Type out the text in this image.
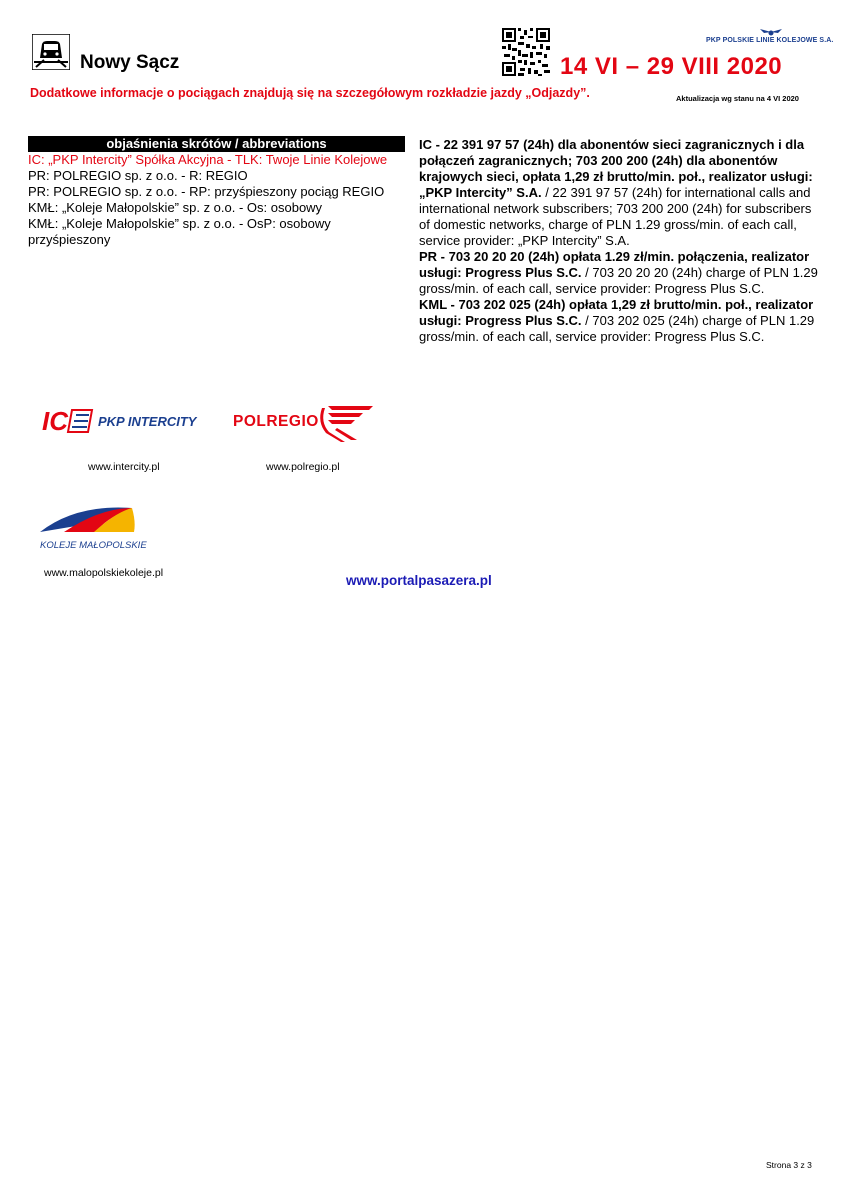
Nowy Sącz
PKP POLSKIE LINIE KOLEJOWE S.A.
14 VI – 29 VIII 2020
Dodatkowe informacje o pociągach znajdują się na szczegółowym rozkładzie jazdy „Odjazdy”.	Aktualizacja wg stanu na 4 VI 2020
objaśnienia skrótów / abbreviations
IC: „PKP Intercity” Spółka Akcyjna - TLK: Twoje Linie Kolejowe
PR: POLREGIO sp. z o.o. - R: REGIO
PR: POLREGIO sp. z o.o. - RP: przyśpieszony pociąg REGIO
KMŁ: „Koleje Małopolskie” sp. z o.o. - Os: osobowy
KMŁ: „Koleje Małopolskie” sp. z o.o. - OsP: osobowy przyśpieszony
IC - 22 391 97 57 (24h) dla abonentów sieci zagranicznych i dla połączeń zagranicznych; 703 200 200 (24h) dla abonentów krajowych sieci, opłata 1,29 zł brutto/min. poł., realizator usługi: „PKP Intercity” S.A. / 22 391 97 57 (24h) for international calls and international network subscribers; 703 200 200 (24h) for subscribers of domestic networks, charge of PLN 1.29 gross/min. of each call, service provider: „PKP Intercity” S.A.
PR - 703 20 20 20 (24h) opłata 1.29 zł/min. połączenia, realizator usługi: Progress Plus S.C. / 703 20 20 20 (24h) charge of PLN 1.29 gross/min. of each call, service provider: Progress Plus S.C.
KML - 703 202 025 (24h) opłata 1,29 zł brutto/min. poł., realizator usługi: Progress Plus S.C. / 703 202 025 (24h) charge of PLN 1.29 gross/min. of each call, service provider: Progress Plus S.C.
IC PKP INTERCITY
www.intercity.pl
POLREGIO
www.polregio.pl
KOLEJE MAŁOPOLSKIE
www.malopolskiekoleje.pl	www.portalpasazera.pl
Strona 3 z 3
